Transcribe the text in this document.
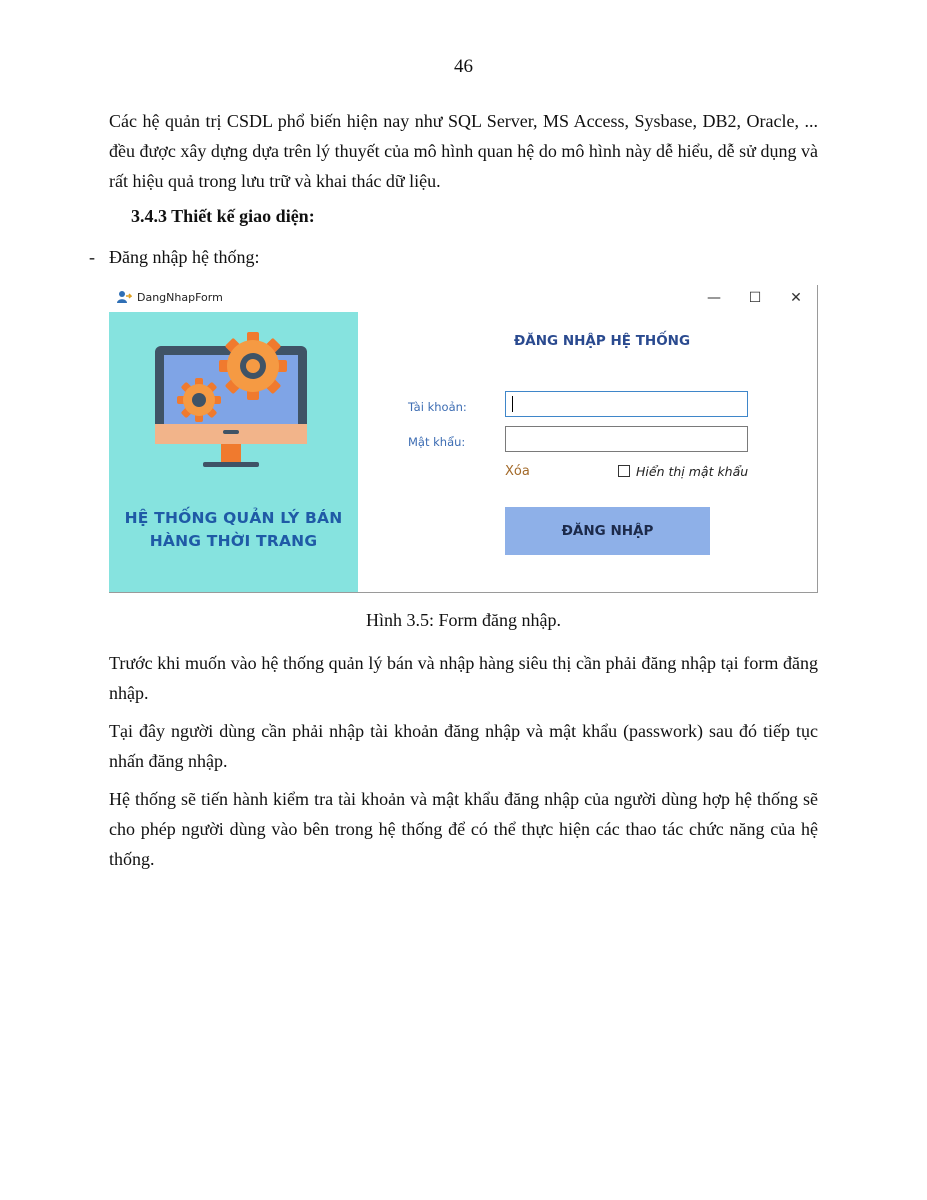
46

Các hệ quản trị CSDL phổ biến hiện nay như SQL Server, MS Access, Sysbase, DB2, Oracle, ... đều được xây dựng dựa trên lý thuyết của mô hình quan hệ do mô hình này dễ hiểu, dễ sử dụng và rất hiệu quả trong lưu trữ và khai thác dữ liệu.

3.4.3 Thiết kế giao diện:

- Đăng nhập hệ thống:
DangNhapForm	—	☐	✕
HỆ THỐNG QUẢN LÝ BÁN
HÀNG THỜI TRANG
ĐĂNG NHẬP HỆ THỐNG
Tài khoản:
Mật khẩu:
Xóa	Hiển thị mật khẩu
ĐĂNG NHẬP
Hình 3.5: Form đăng nhập.

Trước khi muốn vào hệ thống quản lý bán và nhập hàng siêu thị cần phải đăng nhập tại form đăng nhập.

Tại đây người dùng cần phải nhập tài khoản đăng nhập và mật khẩu (passwork) sau đó tiếp tục nhấn đăng nhập.

Hệ thống sẽ tiến hành kiểm tra tài khoản và mật khẩu đăng nhập của người dùng hợp hệ thống sẽ cho phép người dùng vào bên trong hệ thống để có thể thực hiện các thao tác chức năng của hệ thống.
